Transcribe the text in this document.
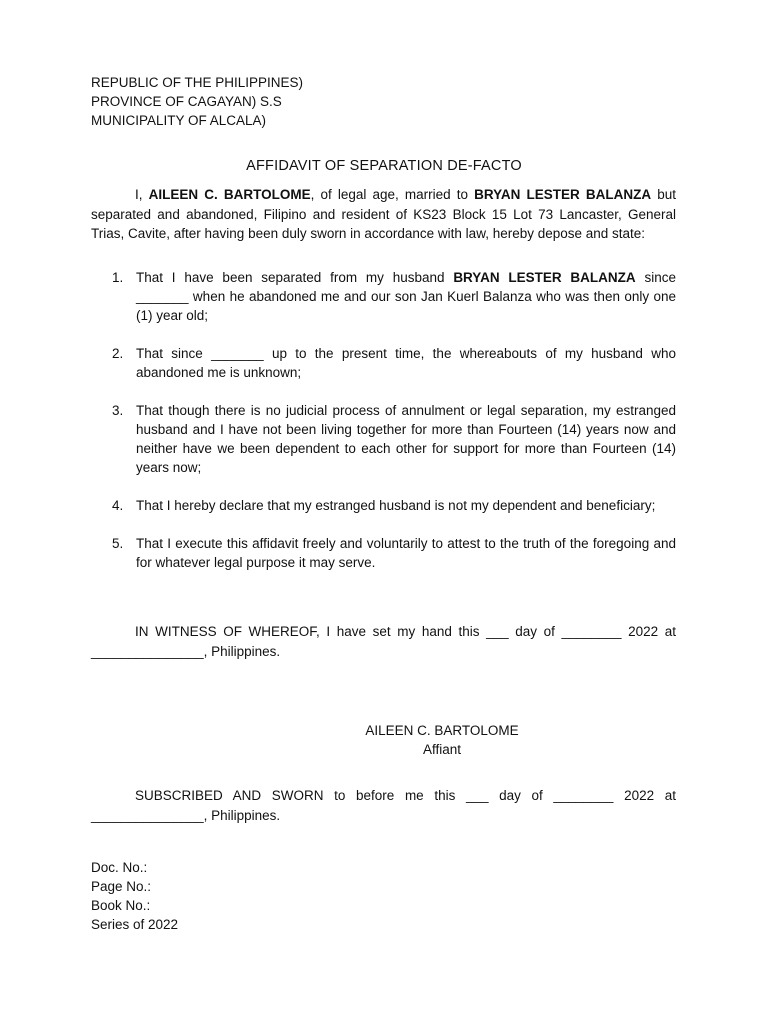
REPUBLIC OF THE PHILIPPINES)
PROVINCE OF CAGAYAN) S.S
MUNICIPALITY OF ALCALA)
AFFIDAVIT OF SEPARATION DE-FACTO

I, AILEEN C. BARTOLOME, of legal age, married to BRYAN LESTER BALANZA but separated and abandoned, Filipino and resident of KS23 Block 15 Lot 73 Lancaster, General Trias, Cavite, after having been duly sworn in accordance with law, hereby depose and state:

1. That I have been separated from my husband BRYAN LESTER BALANZA since _______ when he abandoned me and our son Jan Kuerl Balanza who was then only one (1) year old;
2. That since _______ up to the present time, the whereabouts of my husband who abandoned me is unknown;
3. That though there is no judicial process of annulment or legal separation, my estranged husband and I have not been living together for more than Fourteen (14) years now and neither have we been dependent to each other for support for more than Fourteen (14) years now;
4. That I hereby declare that my estranged husband is not my dependent and beneficiary;
5. That I execute this affidavit freely and voluntarily to attest to the truth of the foregoing and for whatever legal purpose it may serve.

IN WITNESS OF WHEREOF, I have set my hand this ___ day of ________ 2022 at _______________, Philippines.

AILEEN C. BARTOLOME
Affiant

SUBSCRIBED AND SWORN to before me this ___ day of ________ 2022 at _______________, Philippines.

Doc. No.:
Page No.:
Book No.:
Series of 2022
